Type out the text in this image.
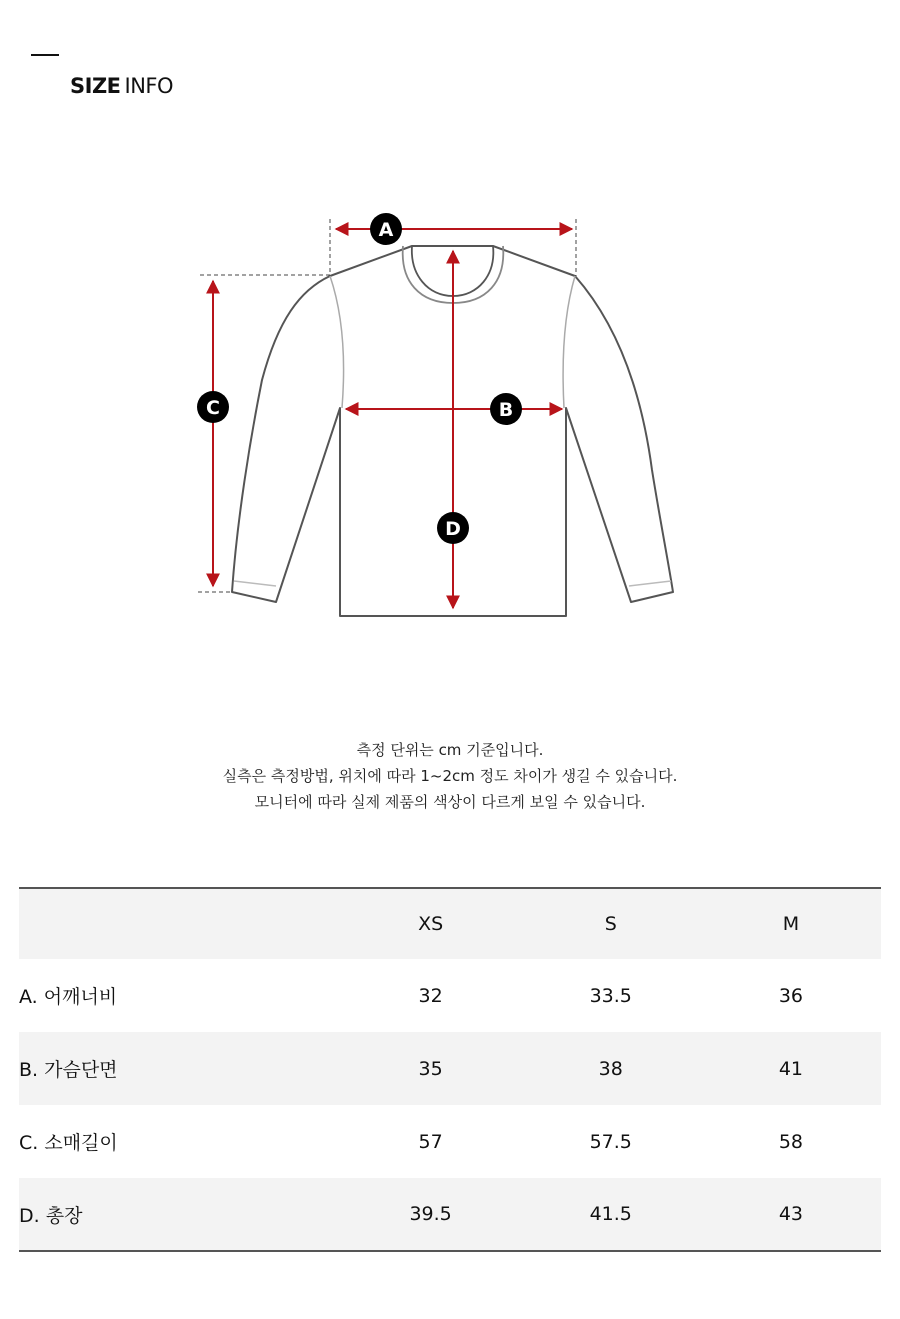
SIZE INFO
A
B
C
D
측정 단위는 cm 기준입니다.
실측은 측정방법, 위치에 따라 1~2cm 정도 차이가 생길 수 있습니다.
모니터에 따라 실제 제품의 색상이 다르게 보일 수 있습니다.
	XS	S	M
A. 어깨너비	32	33.5	36
B. 가슴단면	35	38	41
C. 소매길이	57	57.5	58
D. 총장	39.5	41.5	43
